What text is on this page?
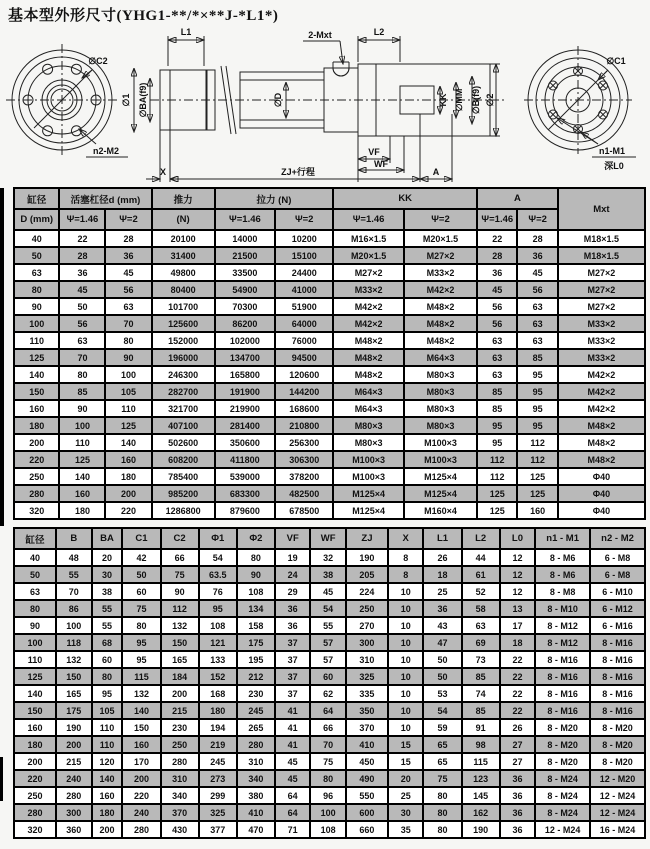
基本型外形尺寸(YHG1-**/*×**J-*L1*)
∅C2
n2-M2
∅1 ∅BA(f9)
L1
∅D
2-Mxt	L2
KK ∅MM ∅B(f9) ∅2
VF
WF
X	ZJ+行程	A
∅C1
n1-M1
深L0
缸径	活塞杠径d (mm)		推力	拉力 (N)		KK		A		Mxt
D (mm)	Ψ=1.46	Ψ=2	(N)	Ψ=1.46	Ψ=2	Ψ=1.46	Ψ=2	Ψ=1.46	Ψ=2	
40	22	28	20100	14000	10200	M16×1.5	M20×1.5	22	28	M18×1.5
50	28	36	31400	21500	15100	M20×1.5	M27×2	28	36	M18×1.5
63	36	45	49800	33500	24400	M27×2	M33×2	36	45	M27×2
80	45	56	80400	54900	41000	M33×2	M42×2	45	56	M27×2
90	50	63	101700	70300	51900	M42×2	M48×2	56	63	M27×2
100	56	70	125600	86200	64000	M42×2	M48×2	56	63	M33×2
110	63	80	152000	102000	76000	M48×2	M48×2	63	63	M33×2
125	70	90	196000	134700	94500	M48×2	M64×3	63	85	M33×2
140	80	100	246300	165800	120600	M48×2	M80×3	63	95	M42×2
150	85	105	282700	191900	144200	M64×3	M80×3	85	95	M42×2
160	90	110	321700	219900	168600	M64×3	M80×3	85	95	M42×2
180	100	125	407100	281400	210800	M80×3	M80×3	95	95	M48×2
200	110	140	502600	350600	256300	M80×3	M100×3	95	112	M48×2
220	125	160	608200	411800	306300	M100×3	M100×3	112	112	M48×2
250	140	180	785400	539000	378200	M100×3	M125×4	112	125	Φ40
280	160	200	985200	683300	482500	M125×4	M125×4	125	125	Φ40
320	180	220	1286800	879600	678500	M125×4	M160×4	125	160	Φ40
缸径	B	BA	C1	C2	Φ1	Φ2	VF	WF	ZJ	X	L1	L2	L0	n1 - M1	n2 - M2
40	48	20	42	66	54	80	19	32	190	8	26	44	12	8 - M6	6 - M8
50	55	30	50	75	63.5	90	24	38	205	8	18	61	12	8 - M6	6 - M8
63	70	38	60	90	76	108	29	45	224	10	25	52	12	8 - M8	6 - M10
80	86	55	75	112	95	134	36	54	250	10	36	58	13	8 - M10	6 - M12
90	100	55	80	132	108	158	36	55	270	10	43	63	17	8 - M12	6 - M16
100	118	68	95	150	121	175	37	57	300	10	47	69	18	8 - M12	8 - M16
110	132	60	95	165	133	195	37	57	310	10	50	73	22	8 - M16	8 - M16
125	150	80	115	184	152	212	37	60	325	10	50	85	22	8 - M16	8 - M16
140	165	95	132	200	168	230	37	62	335	10	53	74	22	8 - M16	8 - M16
150	175	105	140	215	180	245	41	64	350	10	54	85	22	8 - M16	8 - M16
160	190	110	150	230	194	265	41	66	370	10	59	91	26	8 - M20	8 - M20
180	200	110	160	250	219	280	41	70	410	15	65	98	27	8 - M20	8 - M20
200	215	120	170	280	245	310	45	75	450	15	65	115	27	8 - M20	8 - M20
220	240	140	200	310	273	340	45	80	490	20	75	123	36	8 - M24	12 - M20
250	280	160	220	340	299	380	64	96	550	25	80	145	36	8 - M24	12 - M24
280	300	180	240	370	325	410	64	100	600	30	80	162	36	8 - M24	12 - M24
320	360	200	280	430	377	470	71	108	660	35	80	190	36	12 - M24	16 - M24
